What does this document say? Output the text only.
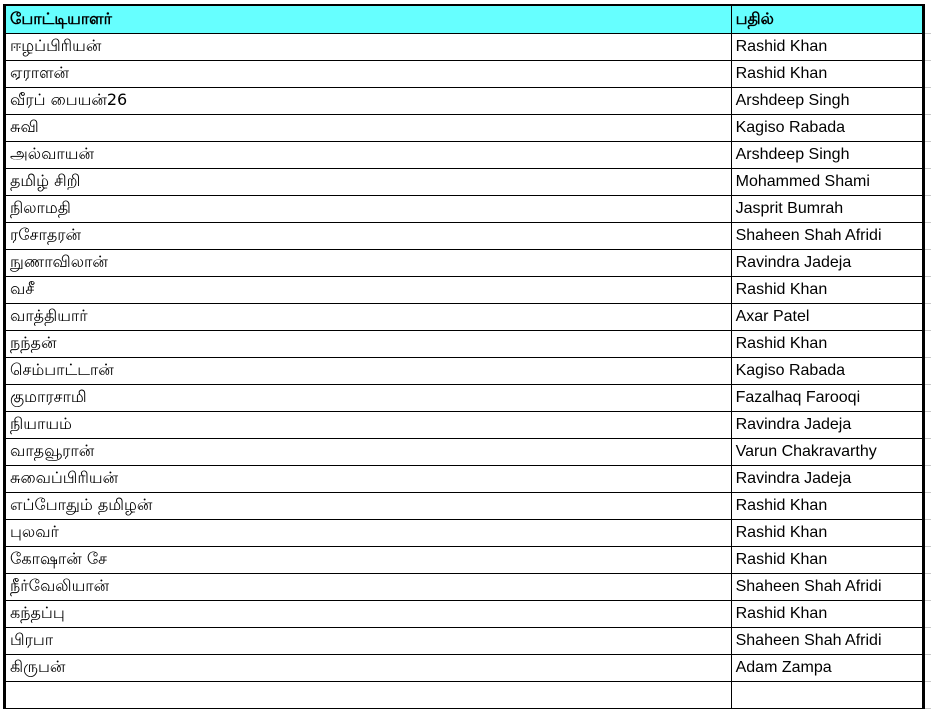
போட்டியாளர்	பதில்	
ஈழப்பிரியன்	Rashid Khan	
ஏராளன்	Rashid Khan	
வீரப் பையன்26	Arshdeep Singh	
சுவி	Kagiso Rabada	
அல்வாயன்	Arshdeep Singh	
தமிழ் சிறி	Mohammed Shami	
நிலாமதி	Jasprit Bumrah	
ரசோதரன்	Shaheen Shah Afridi	
நுணாவிலான்	Ravindra Jadeja	
வசீ	Rashid Khan	
வாத்தியார்	Axar Patel	
நந்தன்	Rashid Khan	
செம்பாட்டான்	Kagiso Rabada	
குமாரசாமி	Fazalhaq Farooqi	
நியாயம்	Ravindra Jadeja	
வாதவூரான்	Varun Chakravarthy	
சுவைப்பிரியன்	Ravindra Jadeja	
எப்போதும் தமிழன்	Rashid Khan	
புலவர்	Rashid Khan	
கோஷான் சே	Rashid Khan	
நீர்வேலியான்	Shaheen Shah Afridi	
கந்தப்பு	Rashid Khan	
பிரபா	Shaheen Shah Afridi	
கிருபன்	Adam Zampa	
